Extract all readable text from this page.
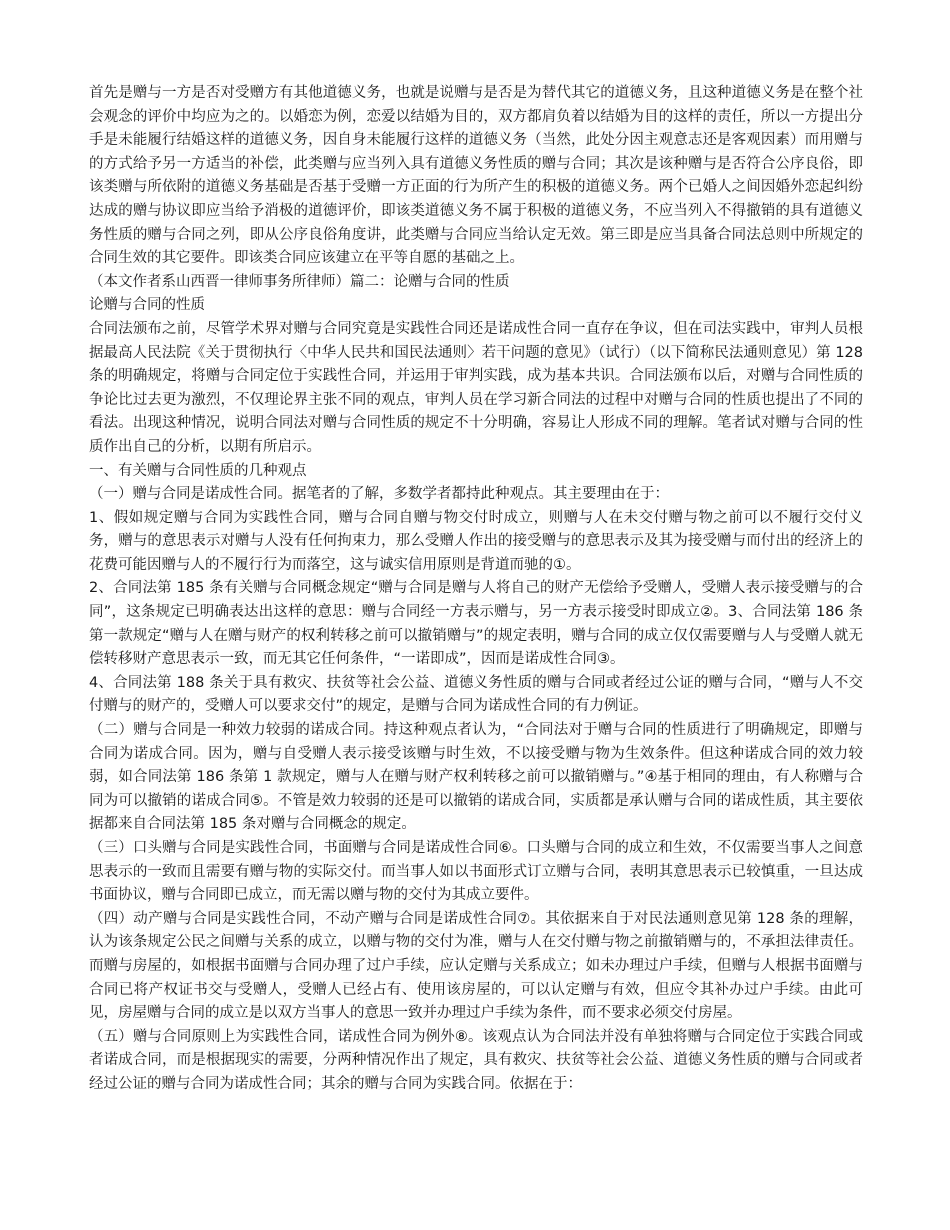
首先是赠与一方是否对受赠方有其他道德义务，也就是说赠与是否是为替代其它的道德义务，且这种道德义务是在整个社会观念的评价中均应为之的。以婚恋为例，恋爱以结婚为目的，双方都肩负着以结婚为目的这样的责任，所以一方提出分手是未能履行结婚这样的道德义务，因自身未能履行这样的道德义务（当然，此处分因主观意志还是客观因素）而用赠与的方式给予另一方适当的补偿，此类赠与应当列入具有道德义务性质的赠与合同；其次是该种赠与是否符合公序良俗，即该类赠与所依附的道德义务基础是否基于受赠一方正面的行为所产生的积极的道德义务。两个已婚人之间因婚外恋起纠纷达成的赠与协议即应当给予消极的道德评价，即该类道德义务不属于积极的道德义务，不应当列入不得撤销的具有道德义务性质的赠与合同之列，即从公序良俗角度讲，此类赠与合同应当给认定无效。第三即是应当具备合同法总则中所规定的合同生效的其它要件。即该类合同应该建立在平等自愿的基础之上。

（本文作者系山西晋一律师事务所律师）篇二：论赠与合同的性质

论赠与合同的性质

合同法颁布之前，尽管学术界对赠与合同究竟是实践性合同还是诺成性合同一直存在争议，但在司法实践中，审判人员根据最高人民法院《关于贯彻执行〈中华人民共和国民法通则〉若干问题的意见》（试行）（以下简称民法通则意见）第 128 条的明确规定，将赠与合同定位于实践性合同，并运用于审判实践，成为基本共识。合同法颁布以后，对赠与合同性质的争论比过去更为激烈，不仅理论界主张不同的观点，审判人员在学习新合同法的过程中对赠与合同的性质也提出了不同的看法。出现这种情况，说明合同法对赠与合同性质的规定不十分明确，容易让人形成不同的理解。笔者试对赠与合同的性质作出自己的分析，以期有所启示。

一、有关赠与合同性质的几种观点

（一）赠与合同是诺成性合同。据笔者的了解，多数学者都持此种观点。其主要理由在于：

1、假如规定赠与合同为实践性合同，赠与合同自赠与物交付时成立，则赠与人在未交付赠与物之前可以不履行交付义务，赠与的意思表示对赠与人没有任何拘束力，那么受赠人作出的接受赠与的意思表示及其为接受赠与而付出的经济上的花费可能因赠与人的不履行行为而落空，这与诚实信用原则是背道而驰的①。

2、合同法第 185 条有关赠与合同概念规定“赠与合同是赠与人将自己的财产无偿给予受赠人，受赠人表示接受赠与的合同”，这条规定已明确表达出这样的意思：赠与合同经一方表示赠与，另一方表示接受时即成立②。3、合同法第 186 条第一款规定“赠与人在赠与财产的权利转移之前可以撤销赠与”的规定表明，赠与合同的成立仅仅需要赠与人与受赠人就无偿转移财产意思表示一致，而无其它任何条件，“一诺即成”，因而是诺成性合同③。

4、合同法第 188 条关于具有救灾、扶贫等社会公益、道德义务性质的赠与合同或者经过公证的赠与合同，“赠与人不交付赠与的财产的，受赠人可以要求交付”的规定，是赠与合同为诺成性合同的有力例证。

（二）赠与合同是一种效力较弱的诺成合同。持这种观点者认为，“合同法对于赠与合同的性质进行了明确规定，即赠与合同为诺成合同。因为，赠与自受赠人表示接受该赠与时生效，不以接受赠与物为生效条件。但这种诺成合同的效力较弱，如合同法第 186 条第 1 款规定，赠与人在赠与财产权利转移之前可以撤销赠与。”④基于相同的理由，有人称赠与合同为可以撤销的诺成合同⑤。不管是效力较弱的还是可以撤销的诺成合同，实质都是承认赠与合同的诺成性质，其主要依据都来自合同法第 185 条对赠与合同概念的规定。

（三）口头赠与合同是实践性合同，书面赠与合同是诺成性合同⑥。口头赠与合同的成立和生效，不仅需要当事人之间意思表示的一致而且需要有赠与物的实际交付。而当事人如以书面形式订立赠与合同，表明其意思表示已较慎重，一旦达成书面协议，赠与合同即已成立，而无需以赠与物的交付为其成立要件。

（四）动产赠与合同是实践性合同，不动产赠与合同是诺成性合同⑦。其依据来自于对民法通则意见第 128 条的理解，认为该条规定公民之间赠与关系的成立，以赠与物的交付为准，赠与人在交付赠与物之前撤销赠与的，不承担法律责任。而赠与房屋的，如根据书面赠与合同办理了过户手续，应认定赠与关系成立；如未办理过户手续，但赠与人根据书面赠与合同已将产权证书交与受赠人，受赠人已经占有、使用该房屋的，可以认定赠与有效，但应令其补办过户手续。由此可见，房屋赠与合同的成立是以双方当事人的意思一致并办理过户手续为条件，而不要求必须交付房屋。

（五）赠与合同原则上为实践性合同，诺成性合同为例外⑧。该观点认为合同法并没有单独将赠与合同定位于实践合同或者诺成合同，而是根据现实的需要，分两种情况作出了规定，具有救灾、扶贫等社会公益、道德义务性质的赠与合同或者经过公证的赠与合同为诺成性合同；其余的赠与合同为实践合同。依据在于：
